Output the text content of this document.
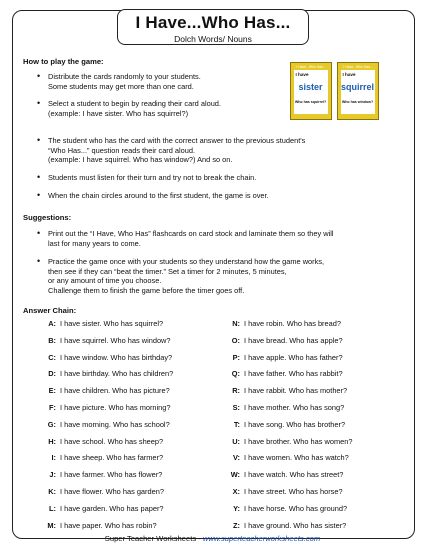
I Have...Who Has...
Dolch Words/ Nouns
How to play the game:
• Distribute the cards randomly to your students.
Some students may get more than one card.
• Select a student to begin by reading their card aloud.
(example: I have sister. Who has squirrel?)
• The student who has the card with the correct answer to the previous student's
“Who Has...” question reads their card aloud.
(example: I have squirrel. Who has window?) And so on.
• Students must listen for their turn and try not to break the chain.
• When the chain circles around to the first student, the game is over.
I Have...Who Has...
I have
sister
Who has squirrel?
I Have...Who Has...
I have
squirrel
Who has window?
Suggestions:
• Print out the “I Have, Who Has” flashcards on card stock and laminate them so they will
last for many years to come.
• Practice the game once with your students so they understand how the game works,
then see if they can “beat the timer.” Set a timer for 2 minutes, 5 minutes,
or any amount of time you choose.
Challenge them to finish the game before the timer goes off.
Answer Chain:
A: I have sister. Who has squirrel?
B: I have squirrel. Who has window?
C: I have window. Who has birthday?
D: I have birthday. Who has children?
E: I have children. Who has picture?
F: I have picture. Who has morning?
G: I have morning. Who has school?
H: I have school. Who has sheep?
I: I have sheep. Who has farmer?
J: I have farmer. Who has flower?
K: I have flower. Who has garden?
L: I have garden. Who has paper?
M: I have paper. Who has robin?
N: I have robin. Who has bread?
O: I have bread. Who has apple?
P: I have apple. Who has father?
Q: I have father. Who has rabbit?
R: I have rabbit. Who has mother?
S: I have mother. Who has song?
T: I have song. Who has brother?
U: I have brother. Who has women?
V: I have women. Who has watch?
W: I have watch. Who has street?
X: I have street. Who has horse?
Y: I have horse. Who has ground?
Z: I have ground. Who has sister?
Super Teacher Worksheets - www.superteacherworksheets.com
